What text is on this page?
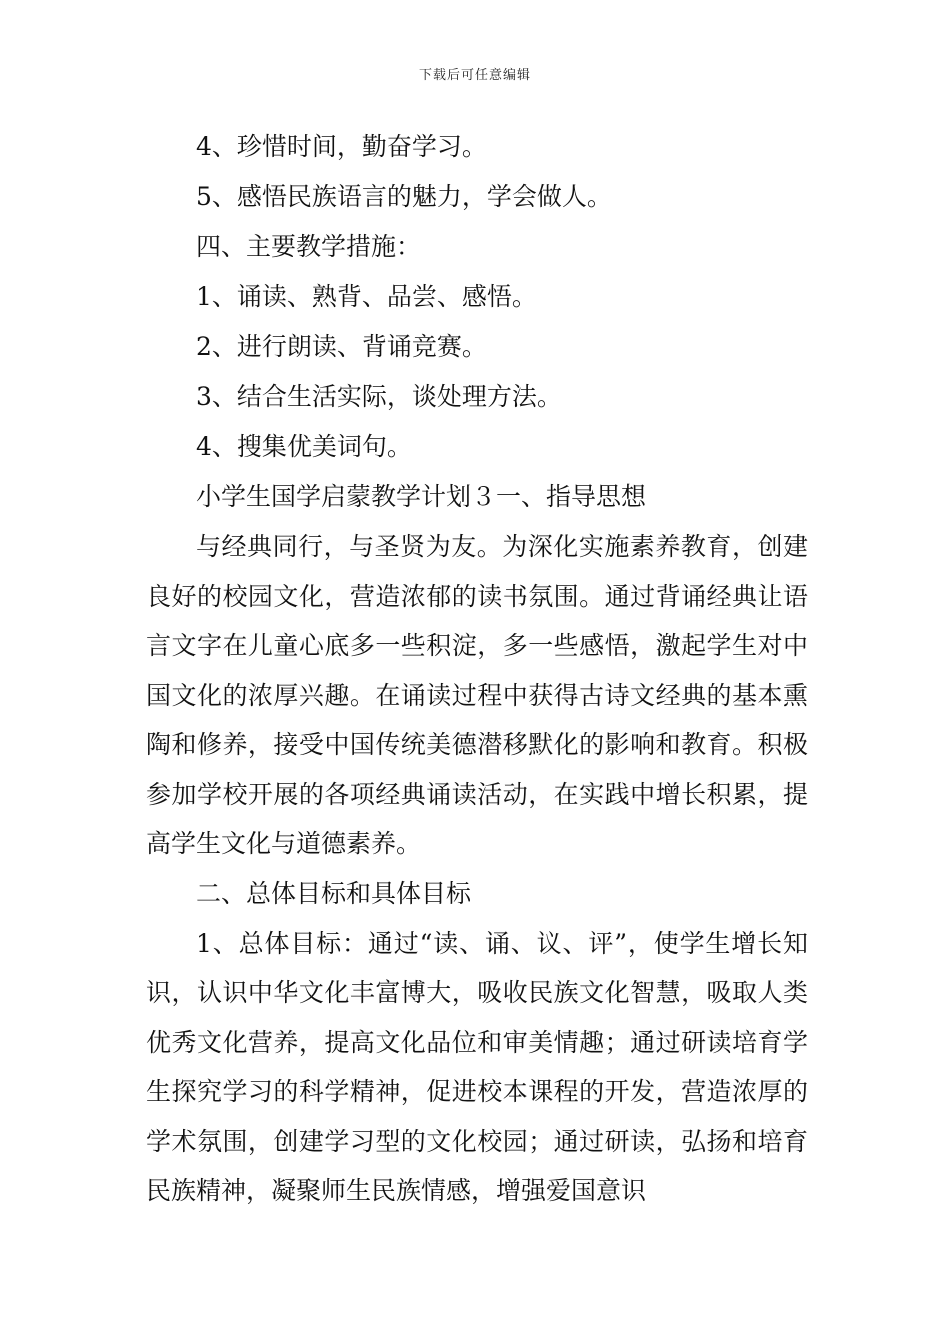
下载后可任意编辑
4、珍惜时间，勤奋学习。
5、感悟民族语言的魅力，学会做人。
四、主要教学措施：
1、诵读、熟背、品尝、感悟。
2、进行朗读、背诵竞赛。
3、结合生活实际，谈处理方法。
4、搜集优美词句。
小学生国学启蒙教学计划３一、指导思想
与经典同行，与圣贤为友。为深化实施素养教育，创建良好的校园文化，营造浓郁的读书氛围。通过背诵经典让语言文字在儿童心底多一些积淀，多一些感悟，激起学生对中国文化的浓厚兴趣。在诵读过程中获得古诗文经典的基本熏陶和修养，接受中国传统美德潜移默化的影响和教育。积极参加学校开展的各项经典诵读活动，在实践中增长积累，提高学生文化与道德素养。
二、总体目标和具体目标
1、总体目标：通过“读、诵、议、评”，使学生增长知识，认识中华文化丰富博大，吸收民族文化智慧，吸取人类优秀文化营养，提高文化品位和审美情趣；通过研读培育学生探究学习的科学精神，促进校本课程的开发，营造浓厚的学术氛围，创建学习型的文化校园；通过研读，弘扬和培育民族精神，凝聚师生民族情感，增强爱国意识
